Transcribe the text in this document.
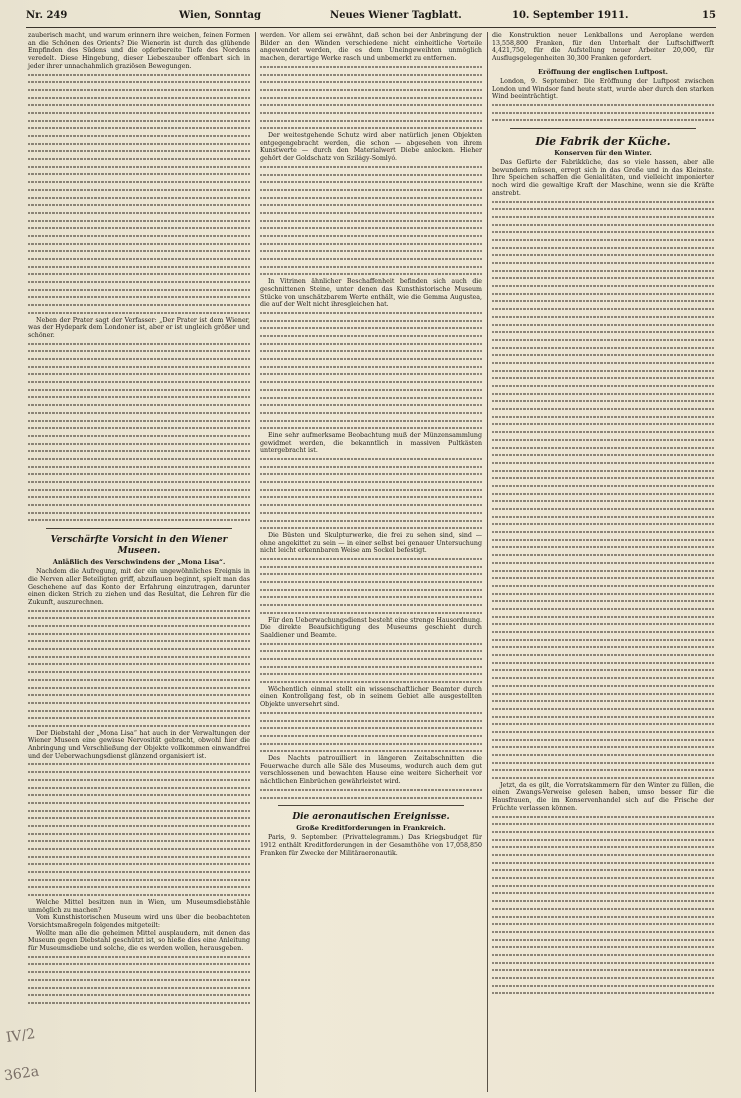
Nr. 249	Wien, Sonntag	Neues Wiener Tagblatt.	10. September 1911.	15

zauberisch macht, und warum erinnern ihre weichen, feinen Formen an die Schönen des Orients? Die Wienerin ist durch das glühende Empfinden des Südens und die opferbereite Tiefe des Nordens veredelt. Diese Hingebung, dieser Liebeszauber offenbart sich in jeder ihrer unnachahmlich graziösen Bewegungen.

Neben der Prater sagt der Verfasser: „Der Prater ist dem Wiener, was der Hydepark dem Londoner ist, aber er ist ungleich größer und schöner.

Verschärfte Vorsicht in den Wiener Museen.
Anläßlich des Verschwindens der „Mona Lisa“.

Nachdem die Aufregung, mit der ein ungewöhnliches Ereignis in die Nerven aller Beteiligten griff, abzuflauen beginnt, spielt man das Geschehene auf das Konto der Erfahrung einzutragen, darunter einen dicken Strich zu ziehen und das Resultat, die Lehren für die Zukunft, auszurechnen.

Der Diebstahl der „Mona Lisa“ hat auch in der Verwaltungen der Wiener Museen eine gewisse Nervosität gebracht, obwohl hier die Anbringung und Verschließung der Objekte vollkommen einwandfrei und der Ueberwachungsdienst glänzend organisiert ist.

Welche Mittel besitzen nun in Wien, um Museumsdiebstähle unmöglich zu machen?

Vom Kunsthistorischen Museum wird uns über die beobachteten Vorsichtsmaßregeln folgendes mitgeteilt:

Wollte man alle die geheimen Mittel ausplaudern, mit denen das Museum gegen Diebstahl geschützt ist, so hieße dies eine Anleitung für Museumsdiebe und solche, die es werden wollen, herausgeben.

werden. Vor allem sei erwähnt, daß schon bei der Anbringung der Bilder an den Wänden verschiedene nicht einheitliche Vorteile angewendet werden, die es dem Uneingeweihten unmöglich machen, derartige Werke rasch und unbemerkt zu entfernen.

Der weitestgehende Schutz wird aber natürlich jenen Objekten entgegengebracht werden, die schon — abgesehen von ihrem Kunstwerte — durch den Materialwert Diebe anlocken. Hieher gehört der Goldschatz von Szilágy-Somlyó.

In Vitrinen ähnlicher Beschaffenheit befinden sich auch die geschnittenen Steine, unter denen das Kunsthistorische Museum Stücke von unschätzbarem Werte enthält, wie die Gemma Augustea, die auf der Welt nicht ihresgleichen hat.

Eine sehr aufmerksame Beobachtung muß der Münzensammlung gewidmet werden, die bekanntlich in massiven Pultkästen untergebracht ist.

Die Büsten und Skulpturwerke, die frei zu sehen sind, sind — ohne angekittet zu sein — in einer selbst bei genauer Untersuchung nicht leicht erkennbaren Weise am Sockel befestigt.

Für den Ueberwachungsdienst besteht eine strenge Hausordnung. Die direkte Beaufsichtigung des Museums geschieht durch Saaldiener und Beamte.

Wöchentlich einmal stellt ein wissenschaftlicher Beamter durch einen Kontrollgang fest, ob in seinem Gebiet alle ausgestellten Objekte unversehrt sind.

Des Nachts patrouilliert in längeren Zeitabschnitten die Feuerwache durch alle Säle des Museums, wodurch auch dem gut verschlossenen und bewachten Hause eine weitere Sicherheit vor nächtlichen Einbrüchen gewährleistet wird.

Die aeronautischen Ereignisse.
Große Kreditforderungen in Frankreich.

Paris, 9. September. (Privattelegramm.) Das Kriegsbudget für 1912 enthält Kreditforderungen in der Gesamthöhe von 17,058,850 Franken für Zwecke der Militäraeronautik.

die Konstruktion neuer Lenkballons und Aeroplane werden 13,558,800 Franken, für den Unterhalt der Luftschiffwerft 4,421,750, für die Aufstellung neuer Arbeiter 20,000, für Ausflugsgelegenheiten 30,300 Franken gefordert.

Eröffnung der englischen Luftpost.

London, 9. September. Die Eröffnung der Luftpost zwischen London und Windsor fand heute statt, wurde aber durch den starken Wind beeinträchtigt.

Die Fabrik der Küche.
Konserven für den Winter.

Das Gefürte der Fabrikküche, das so viele hassen, aber alle bewundern müssen, erregt sich in das Große und in das Kleinste. Ihre Speichen schaffen die Genialitäten, und vielleicht imponierter noch wird die gewaltige Kraft der Maschine, wenn sie die Kräfte anstrebt.

Jetzt, da es gilt, die Vorratskammern für den Winter zu füllen, die einen Zwangs-Verweise gelesen haben, umso besser für die Hausfrauen, die im Konservenhandel sich auf die Frische der Früchte verlassen können.

IV/2
362a
